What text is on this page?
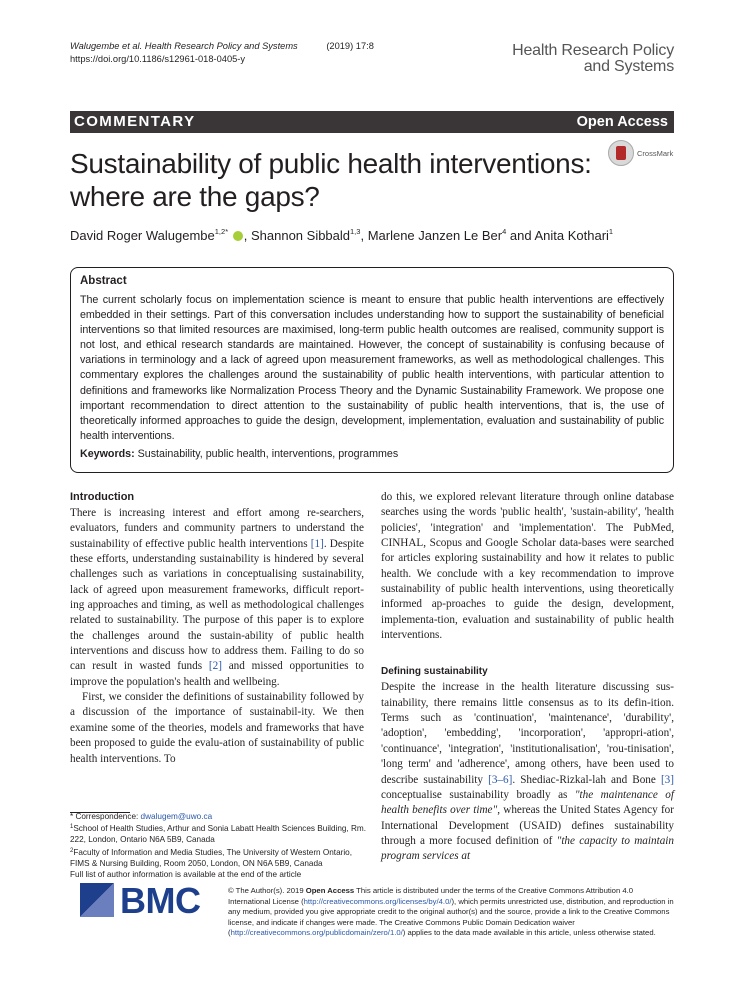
Walugembe et al. Health Research Policy and Systems	(2019) 17:8
https://doi.org/10.1186/s12961-018-0405-y	Health Research Policy
and Systems
COMMENTARY	Open Access
Sustainability of public health interventions: where are the gaps?
CrossMark
David Roger Walugembe$^{1,2*}$ , Shannon Sibbald$^{1,3}$, Marlene Janzen Le Ber$^4$ and Anita Kothari$^1$
Abstract

The current scholarly focus on implementation science is meant to ensure that public health interventions are effectively embedded in their settings. Part of this conversation includes understanding how to support the sustainability of beneficial interventions so that limited resources are maximised, long-term public health outcomes are realised, community support is not lost, and ethical research standards are maintained. However, the concept of sustainability is confusing because of variations in terminology and a lack of agreed upon measurement frameworks, as well as methodological challenges. This commentary explores the challenges around the sustainability of public health interventions, with particular attention to definitions and frameworks like Normalization Process Theory and the Dynamic Sustainability Framework. We propose one important recommendation to direct attention to the sustainability of public health interventions, that is, the use of theoretically informed approaches to guide the design, development, implementation, evaluation and sustainability of public health interventions.

Keywords: Sustainability, public health, interventions, programmes
Introduction

There is increasing interest and effort among re-searchers, evaluators, funders and community partners to understand the sustainability of effective public health interventions [1]. Despite these efforts, understanding sustainability is hindered by several challenges such as variations in conceptualising sustainability, lack of agreed upon measurement frameworks, difficult report-ing approaches and timing, as well as methodological challenges related to sustainability. The purpose of this paper is to explore the challenges around the sustain-ability of public health interventions and discuss how to address them. Failing to do so can result in wasted funds [2] and missed opportunities to improve the population's health and wellbeing.

First, we consider the definitions of sustainability followed by a discussion of the importance of sustainabil-ity. We then examine some of the theories, models and frameworks that have been proposed to guide the evalu-ation of sustainability of public health interventions. To

do this, we explored relevant literature through online database searches using the words 'public health', 'sustain-ability', 'health policies', 'integration' and 'implementation'. The PubMed, CINHAL, Scopus and Google Scholar data-bases were searched for articles exploring sustainability and how it relates to public health. We conclude with a key recommendation to improve sustainability of public health interventions, using theoretically informed ap-proaches to guide the design, development, implementa-tion, evaluation and sustainability of public health interventions.

Defining sustainability

Despite the increase in the health literature discussing sus-tainability, there remains little consensus as to its defin-ition. Terms such as 'continuation', 'maintenance', 'durability', 'adoption', 'embedding', 'incorporation', 'appropri-ation', 'continuance', 'integration', 'institutionalisation', 'rou-tinisation', 'long term' and 'adherence', among others, have been used to describe sustainability [3–6]. Shediac-Rizkal-lah and Bone [3] conceptualise sustainability broadly as "the maintenance of health benefits over time", whereas the United States Agency for International Development (USAID) defines sustainability through a more focused definition of "the capacity to maintain program services at

* Correspondence: dwalugem@uwo.ca
$^1$School of Health Studies, Arthur and Sonia Labatt Health Sciences Building, Rm. 222, London, Ontario N6A 5B9, Canada
$^2$Faculty of Information and Media Studies, The University of Western Ontario, FIMS & Nursing Building, Room 2050, London, ON N6A 5B9, Canada
Full list of author information is available at the end of the article
BMC	© The Author(s). 2019 Open Access This article is distributed under the terms of the Creative Commons Attribution 4.0 International License (http://creativecommons.org/licenses/by/4.0/), which permits unrestricted use, distribution, and reproduction in any medium, provided you give appropriate credit to the original author(s) and the source, provide a link to the Creative Commons license, and indicate if changes were made. The Creative Commons Public Domain Dedication waiver (http://creativecommons.org/publicdomain/zero/1.0/) applies to the data made available in this article, unless otherwise stated.
